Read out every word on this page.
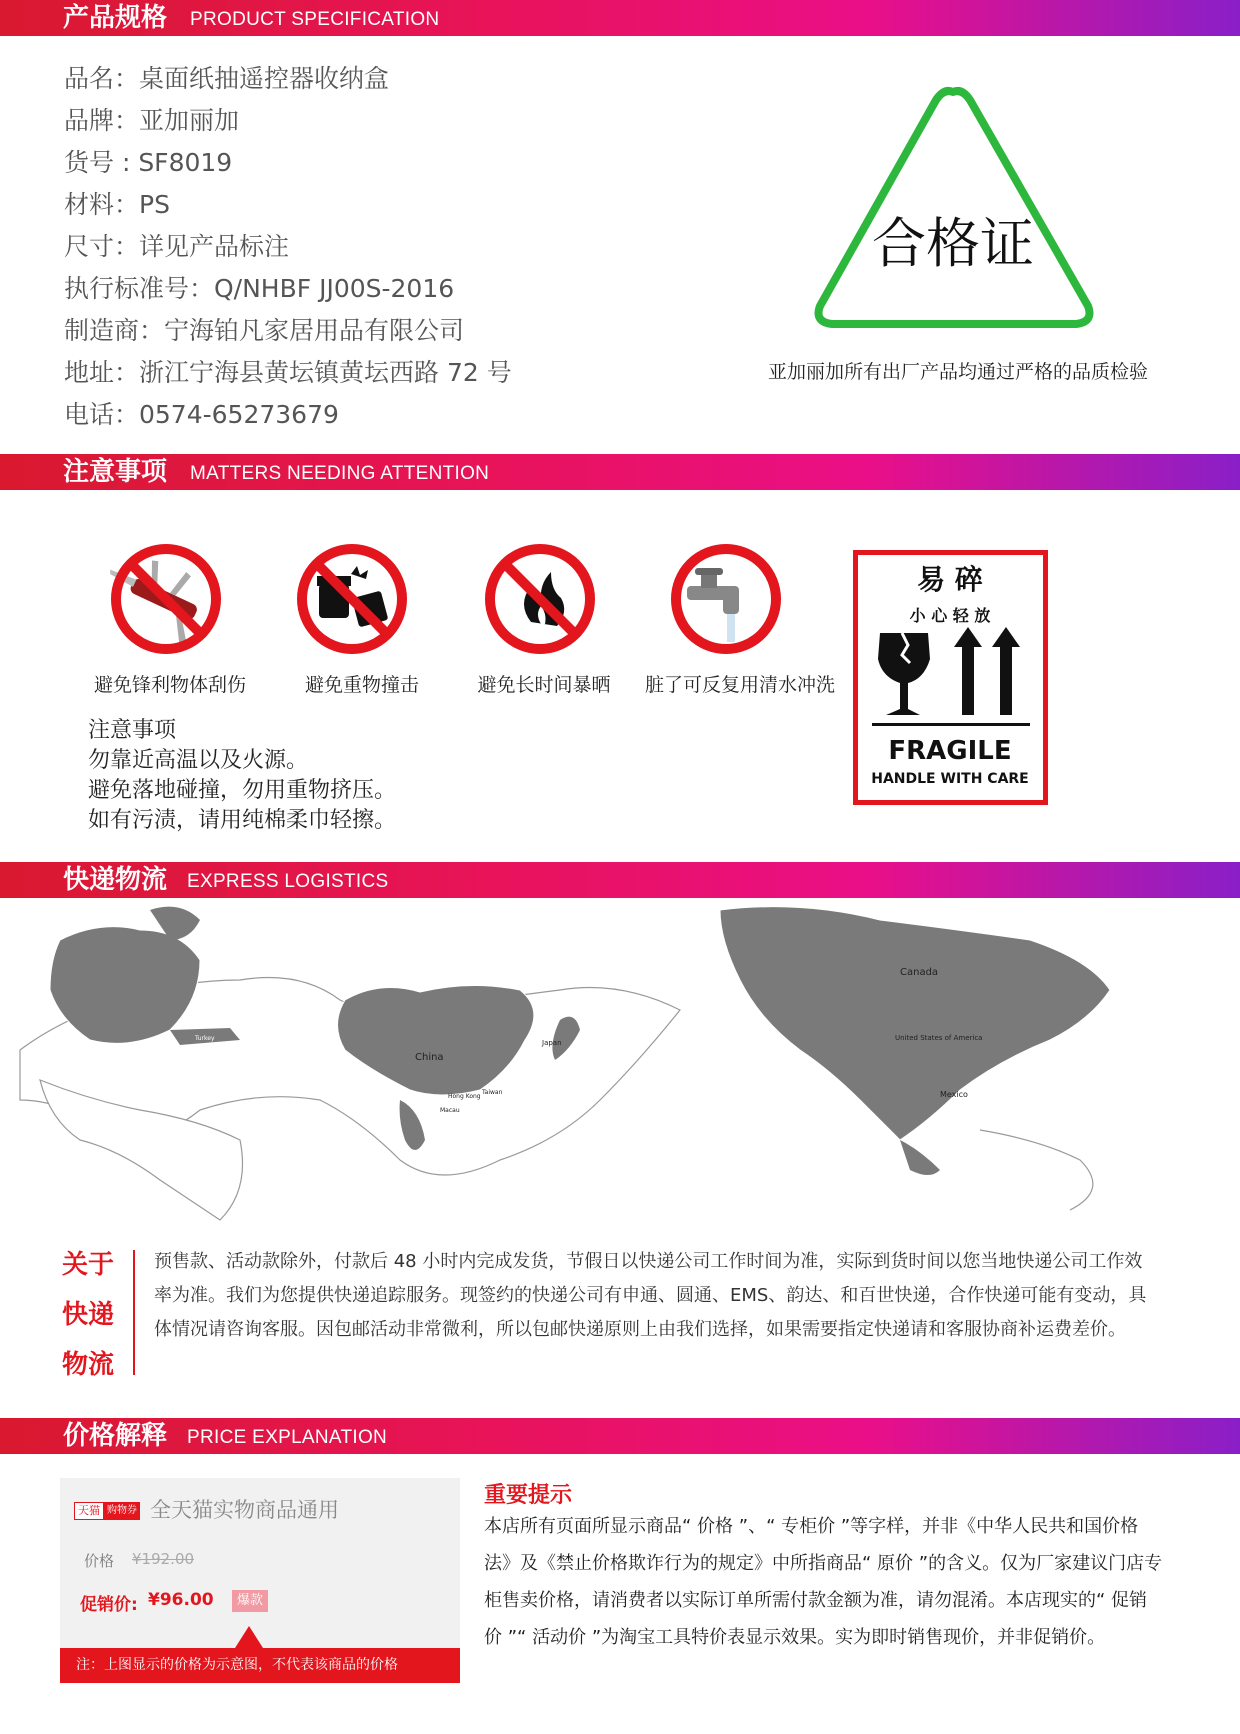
产品规格 PRODUCT SPECIFICATION
品名：桌面纸抽遥控器收纳盒
品牌：亚加丽加
货号 : SF8019
材料：PS
尺寸：详见产品标注
执行标准号：Q/NHBF JJ00S-2016
制造商：宁海铂凡家居用品有限公司
地址：浙江宁海县黄坛镇黄坛西路 72 号
电话：0574-65273679
合格证
亚加丽加所有出厂产品均通过严格的品质检验
注意事项 MATTERS NEEDING ATTENTION
避免锋利物体刮伤	避免重物撞击	避免长时间暴晒 脏了可反复用清水冲洗
注意事项
勿靠近高温以及火源。
避免落地碰撞，勿用重物挤压。
如有污渍，请用纯棉柔巾轻擦。
易 碎
小 心 轻 放
FRAGILE
HANDLE WITH CARE
快递物流 EXPRESS LOGISTICS
Canada
United States of America
Mexico
China
Japan
Hong Kong
Taiwan
Macau
Turkey
关于
快递
物流
预售款、活动款除外，付款后 48 小时内完成发货，节假日以快递公司工作时间为准，实际到货时间以您当地快递公司工作效率为准。我们为您提供快递追踪服务。现签约的快递公司有申通、圆通、EMS、韵达、和百世快递，合作快递可能有变动，具体情况请咨询客服。因包邮活动非常微利，所以包邮快递原则上由我们选择，如果需要指定快递请和客服协商补运费差价。
价格解释 PRICE EXPLANATION
天猫 购物券 全天猫实物商品通用
价格 ¥192.00
促销价: ¥96.00	爆款
注：上图显示的价格为示意图，不代表该商品的价格
重要提示
本店所有页面所显示商品“ 价格 ”、“ 专柜价 ”等字样，并非《中华人民共和国价格法》及《禁止价格欺诈行为的规定》中所指商品“ 原价 ”的含义。仅为厂家建议门店专柜售卖价格，请消费者以实际订单所需付款金额为准，请勿混淆。本店现实的“ 促销价 ”“ 活动价 ”为淘宝工具特价表显示效果。实为即时销售现价，并非促销价。
